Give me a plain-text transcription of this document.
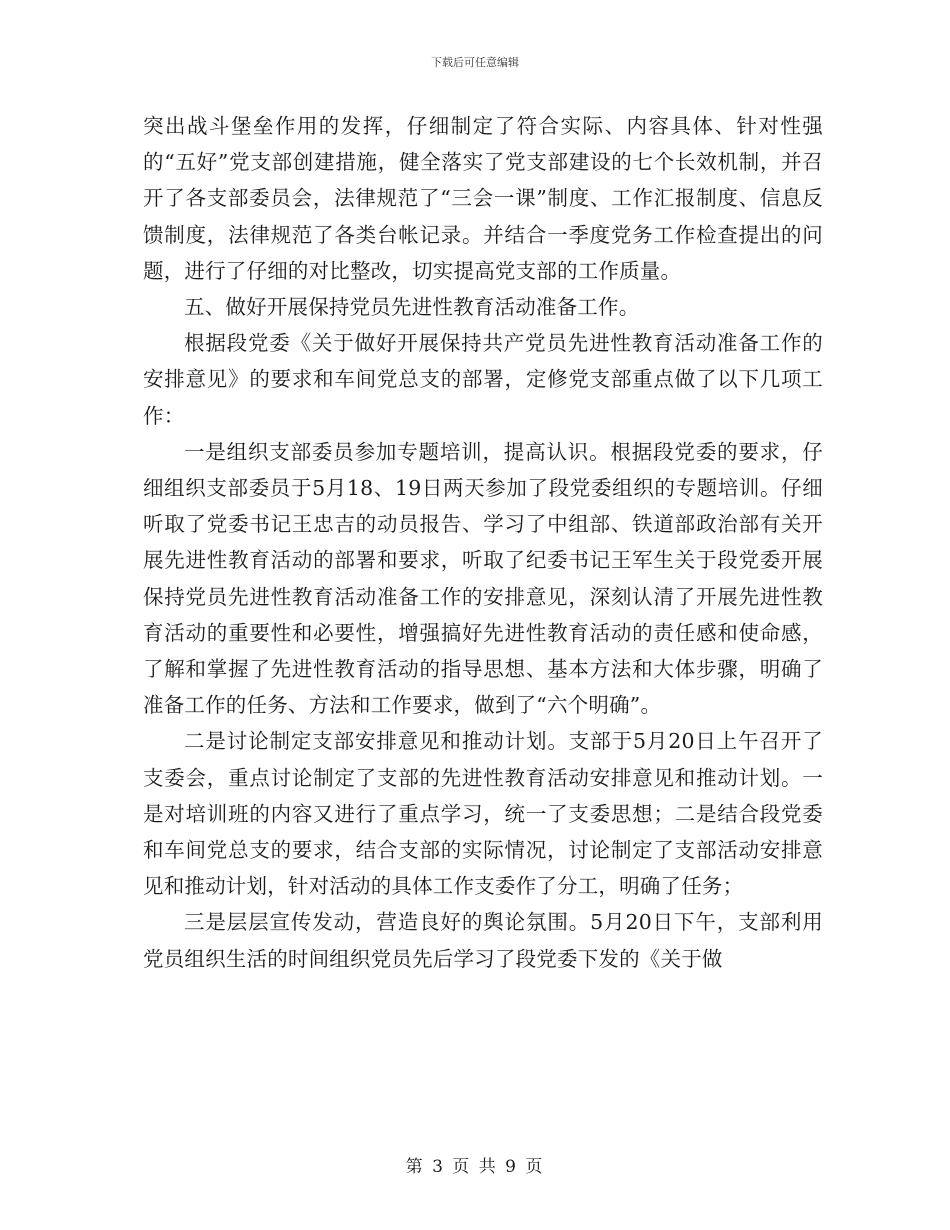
下载后可任意编辑

突出战斗堡垒作用的发挥，仔细制定了符合实际、内容具体、针对性强的“五好”党支部创建措施，健全落实了党支部建设的七个长效机制，并召开了各支部委员会，法律规范了“三会一课”制度、工作汇报制度、信息反馈制度，法律规范了各类台帐记录。并结合一季度党务工作检查提出的问题，进行了仔细的对比整改，切实提高党支部的工作质量。

五、做好开展保持党员先进性教育活动准备工作。

根据段党委《关于做好开展保持共产党员先进性教育活动准备工作的安排意见》的要求和车间党总支的部署，定修党支部重点做了以下几项工作：

一是组织支部委员参加专题培训，提高认识。根据段党委的要求，仔细组织支部委员于5月18、19日两天参加了段党委组织的专题培训。仔细听取了党委书记王忠吉的动员报告、学习了中组部、铁道部政治部有关开展先进性教育活动的部署和要求，听取了纪委书记王军生关于段党委开展保持党员先进性教育活动准备工作的安排意见，深刻认清了开展先进性教育活动的重要性和必要性，增强搞好先进性教育活动的责任感和使命感，了解和掌握了先进性教育活动的指导思想、基本方法和大体步骤，明确了准备工作的任务、方法和工作要求，做到了“六个明确”。

二是讨论制定支部安排意见和推动计划。支部于5月20日上午召开了支委会，重点讨论制定了支部的先进性教育活动安排意见和推动计划。一是对培训班的内容又进行了重点学习，统一了支委思想；二是结合段党委和车间党总支的要求，结合支部的实际情况，讨论制定了支部活动安排意见和推动计划，针对活动的具体工作支委作了分工，明确了任务；

三是层层宣传发动，营造良好的舆论氛围。5月20日下午，支部利用党员组织生活的时间组织党员先后学习了段党委下发的《关于做

第 3 页 共 9 页
